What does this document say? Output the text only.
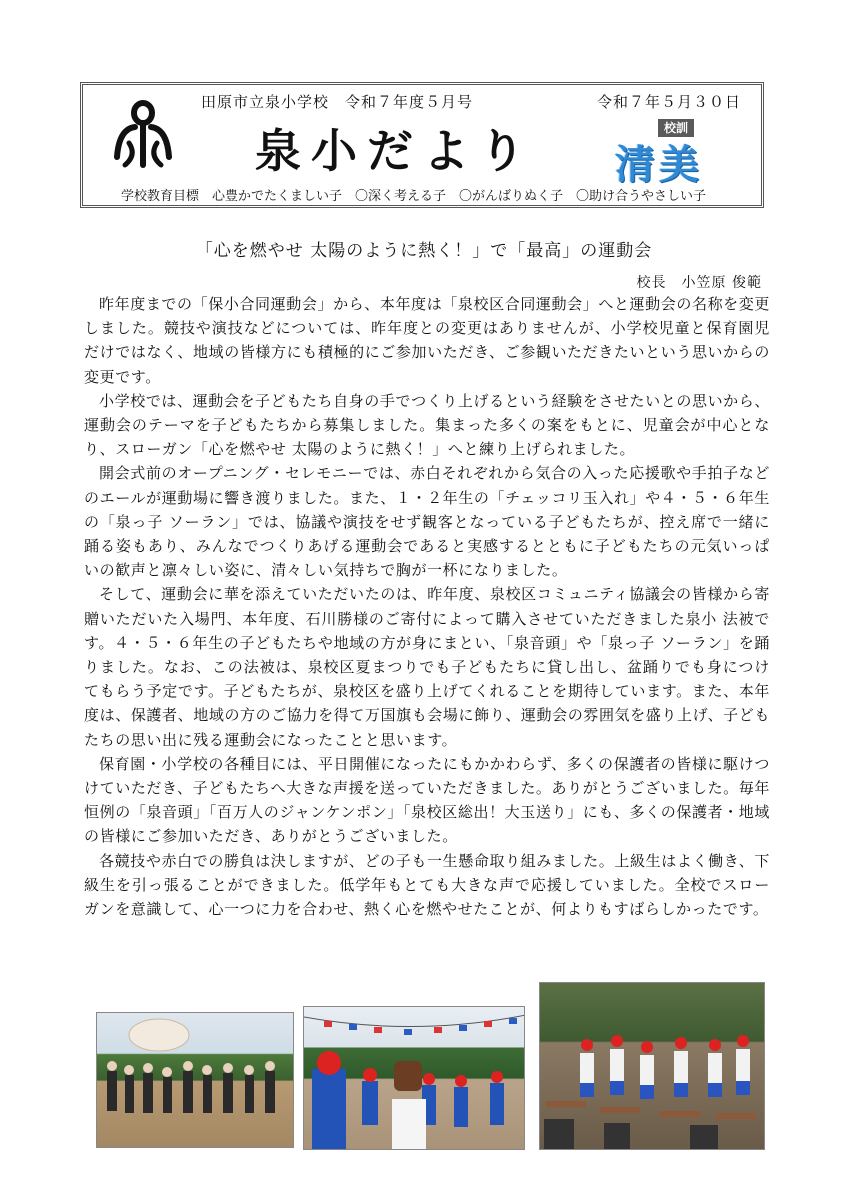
田原市立泉小学校　令和７年度５月号	令和７年５月３０日
泉小だより	校訓
清美
学校教育目標　心豊かでたくましい子　〇深く考える子　〇がんばりぬく子　〇助け合うやさしい子
「心を燃やせ 太陽のように熱く！」で「最高」の運動会
校長　小笠原 俊範

昨年度までの「保小合同運動会」から、本年度は「泉校区合同運動会」へと運動会の名称を変更しました。競技や演技などについては、昨年度との変更はありませんが、小学校児童と保育園児だけではなく、地域の皆様方にも積極的にご参加いただき、ご参観いただきたいという思いからの変更です。

小学校では、運動会を子どもたち自身の手でつくり上げるという経験をさせたいとの思いから、運動会のテーマを子どもたちから募集しました。集まった多くの案をもとに、児童会が中心となり、スローガン「心を燃やせ 太陽のように熱く！」へと練り上げられました。

開会式前のオープニング・セレモニーでは、赤白それぞれから気合の入った応援歌や手拍子などのエールが運動場に響き渡りました。また、１・２年生の「チェッコリ玉入れ」や４・５・６年生の「泉っ子 ソーラン」では、協議や演技をせず観客となっている子どもたちが、控え席で一緒に踊る姿もあり、みんなでつくりあげる運動会であると実感するとともに子どもたちの元気いっぱいの歓声と凛々しい姿に、清々しい気持ちで胸が一杯になりました。

そして、運動会に華を添えていただいたのは、昨年度、泉校区コミュニティ協議会の皆様から寄贈いただいた入場門、本年度、石川勝様のご寄付によって購入させていただきました泉小 法被です。４・５・６年生の子どもたちや地域の方が身にまとい、「泉音頭」や「泉っ子 ソーラン」を踊りました。なお、この法被は、泉校区夏まつりでも子どもたちに貸し出し、盆踊りでも身につけてもらう予定です。子どもたちが、泉校区を盛り上げてくれることを期待しています。また、本年度は、保護者、地域の方のご協力を得て万国旗も会場に飾り、運動会の雰囲気を盛り上げ、子どもたちの思い出に残る運動会になったことと思います。

保育園・小学校の各種目には、平日開催になったにもかかわらず、多くの保護者の皆様に駆けつけていただき、子どもたちへ大きな声援を送っていただきました。ありがとうございました。毎年恒例の「泉音頭」「百万人のジャンケンポン」「泉校区総出！大玉送り」にも、多くの保護者・地域の皆様にご参加いただき、ありがとうございました。

各競技や赤白での勝負は決しますが、どの子も一生懸命取り組みました。上級生はよく働き、下級生を引っ張ることができました。低学年もとても大きな声で応援していました。全校でスローガンを意識して、心一つに力を合わせ、熱く心を燃やせたことが、何よりもすばらしかったです。
